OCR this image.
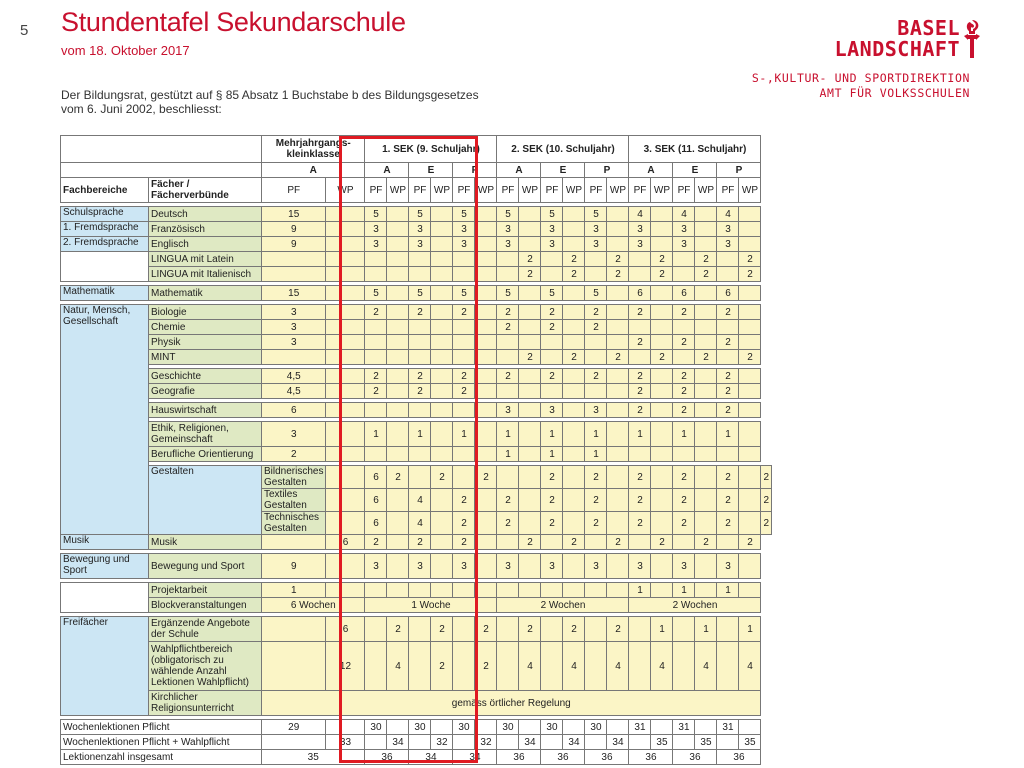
5 Stundentafel Sekundarschule
vom 18. Oktober 2017
BASEL
LANDSCHAFT
S-,KULTUR- UND SPORTDIREKTION
AMT FÜR VOLKSSCHULEN
Der Bildungsrat, gestützt auf § 85 Absatz 1 Buchstabe b des Bildungsgesetzes
vom 6. Juni 2002, beschliesst:
		Mehrjahrgangs-
kleinklasse		1. SEK (9. Schuljahr)						2. SEK (10. Schuljahr)						3. SEK (11. Schuljahr)						
		A		A		E		P		A		E		P		A		E		P		
Fachbereiche	Fächer /
Fächerverbünde	PF	WP	PF	WP	PF	WP	PF	WP	PF	WP	PF	WP	PF	WP	PF	WP	PF	WP	PF	WP	

Schulsprache	Deutsch	15		5		5		5		5		5		5		4		4		4		
1. Fremdsprache	Französisch	9		3		3		3		3		3		3		3		3		3		
2. Fremdsprache	Englisch	9		3		3		3		3		3		3		3		3		3		
	LINGUA mit Latein										2		2		2		2		2		2	
	LINGUA mit Italienisch										2		2		2		2		2		2	

Mathematik	Mathematik	15		5		5		5		5		5		5		6		6		6		

Natur, Mensch, Gesellschaft	Biologie	3		2		2		2		2		2		2		2		2		2		
	Chemie	3								2		2		2								
	Physik	3														2		2		2		
	MINT										2		2		2		2		2		2	

	Geschichte	4,5		2		2		2		2		2		2		2		2		2		
	Geografie	4,5		2		2		2								2		2		2		

	Hauswirtschaft	6								3		3		3		2		2		2		

	Ethik, Religionen, Gemeinschaft	3		1		1		1		1		1		1		1		1		1		
	Berufliche Orientierung	2								1		1		1								

	Gestalten	Bildnerisches Gestalten		6	2		2		2			2		2		2		2		2		2
		Textiles Gestalten		6		4		2		2		2		2		2		2		2		2
		Technisches Gestalten		6		4		2		2		2		2		2		2		2		2
Musik	Musik		6	2		2		2			2		2		2		2		2		2	

Bewegung und Sport	Bewegung und Sport	9		3		3		3		3		3		3		3		3		3		

	Projektarbeit	1														1		1		1		
	Blockveranstaltungen	6 Wochen		1 Woche						2 Wochen						2 Wochen						

Freifächer	Ergänzende Angebote der Schule		6		2		2		2		2		2		2		1		1		1	
	Wahlpflichtbereich (obligatorisch zu wählende Anzahl Lektionen Wahlpflicht)		12		4		2		2		4		4		4		4		4		4	
	Kirchlicher Religionsunterricht	gemäss örtlicher Regelung																				

Wochenlektionen Pflicht		29		30		30		30		30		30		30		31		31		31		
Wochenlektionen Pflicht + Wahlpflicht			33		34		32		32		34		34		34		35		35		35	
Lektionenzahl insgesamt		35		36		34		34		36		36		36		36		36		36		
